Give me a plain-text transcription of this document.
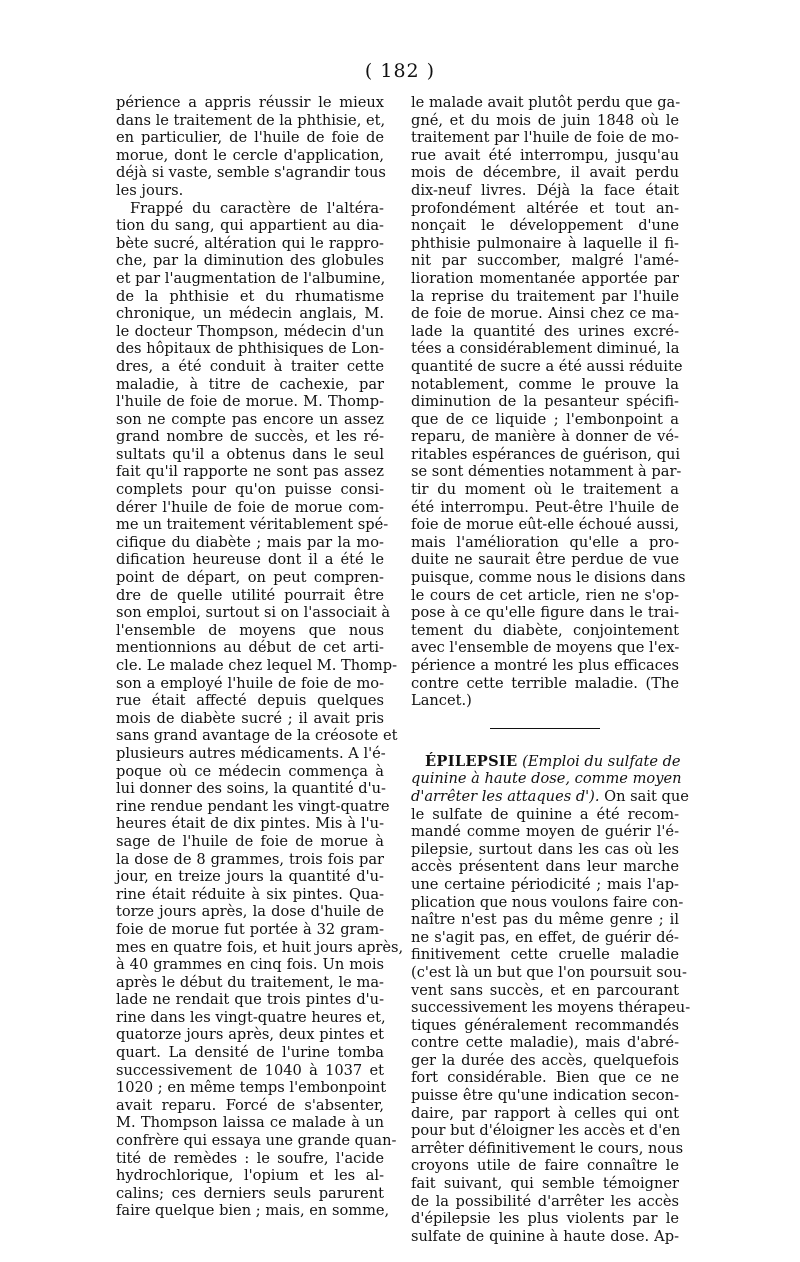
( 182 )
périence a appris réussir le mieux
dans le traitement de la phthisie, et,
en particulier, de l'huile de foie de
morue, dont le cercle d'application,
déjà si vaste, semble s'agrandir tous
les jours.
Frappé du caractère de l'altéra-
tion du sang, qui appartient au dia-
bète sucré, altération qui le rappro-
che, par la diminution des globules
et par l'augmentation de l'albumine,
de la phthisie et du rhumatisme
chronique, un médecin anglais, M.
le docteur Thompson, médecin d'un
des hôpitaux de phthisiques de Lon-
dres, a été conduit à traiter cette
maladie, à titre de cachexie, par
l'huile de foie de morue. M. Thomp-
son ne compte pas encore un assez
grand nombre de succès, et les ré-
sultats qu'il a obtenus dans le seul
fait qu'il rapporte ne sont pas assez
complets pour qu'on puisse consi-
dérer l'huile de foie de morue com-
me un traitement véritablement spé-
cifique du diabète ; mais par la mo-
dification heureuse dont il a été le
point de départ, on peut compren-
dre de quelle utilité pourrait être
son emploi, surtout si on l'associait à
l'ensemble de moyens que nous
mentionnions au début de cet arti-
cle. Le malade chez lequel M. Thomp-
son a employé l'huile de foie de mo-
rue était affecté depuis quelques
mois de diabète sucré ; il avait pris
sans grand avantage de la créosote et
plusieurs autres médicaments. A l'é-
poque où ce médecin commença à
lui donner des soins, la quantité d'u-
rine rendue pendant les vingt-quatre
heures était de dix pintes. Mis à l'u-
sage de l'huile de foie de morue à
la dose de 8 grammes, trois fois par
jour, en treize jours la quantité d'u-
rine était réduite à six pintes. Qua-
torze jours après, la dose d'huile de
foie de morue fut portée à 32 gram-
mes en quatre fois, et huit jours après,
à 40 grammes en cinq fois. Un mois
après le début du traitement, le ma-
lade ne rendait que trois pintes d'u-
rine dans les vingt-quatre heures et,
quatorze jours après, deux pintes et
quart. La densité de l'urine tomba
successivement de 1040 à 1037 et
1020 ; en même temps l'embonpoint
avait reparu. Forcé de s'absenter,
M. Thompson laissa ce malade à un
confrère qui essaya une grande quan-
tité de remèdes : le soufre, l'acide
hydrochlorique, l'opium et les al-
calins; ces derniers seuls parurent
faire quelque bien ; mais, en somme,
le malade avait plutôt perdu que ga-
gné, et du mois de juin 1848 où le
traitement par l'huile de foie de mo-
rue avait été interrompu, jusqu'au
mois de décembre, il avait perdu
dix-neuf livres. Déjà la face était
profondément altérée et tout an-
nonçait le développement d'une
phthisie pulmonaire à laquelle il fi-
nit par succomber, malgré l'amé-
lioration momentanée apportée par
la reprise du traitement par l'huile
de foie de morue. Ainsi chez ce ma-
lade la quantité des urines excré-
tées a considérablement diminué, la
quantité de sucre a été aussi réduite
notablement, comme le prouve la
diminution de la pesanteur spécifi-
que de ce liquide ; l'embonpoint a
reparu, de manière à donner de vé-
ritables espérances de guérison, qui
se sont démenties notamment à par-
tir du moment où le traitement a
été interrompu. Peut-être l'huile de
foie de morue eût-elle échoué aussi,
mais l'amélioration qu'elle a pro-
duite ne saurait être perdue de vue
puisque, comme nous le disions dans
le cours de cet article, rien ne s'op-
pose à ce qu'elle figure dans le trai-
tement du diabète, conjointement
avec l'ensemble de moyens que l'ex-
périence a montré les plus efficaces
contre cette terrible maladie. (The
Lancet.)
ÉPILEPSIE (Emploi du sulfate de
quinine à haute dose, comme moyen
d'arrêter les attaques d'). On sait que
le sulfate de quinine a été recom-
mandé comme moyen de guérir l'é-
pilepsie, surtout dans les cas où les
accès présentent dans leur marche
une certaine périodicité ; mais l'ap-
plication que nous voulons faire con-
naître n'est pas du même genre ; il
ne s'agit pas, en effet, de guérir dé-
finitivement cette cruelle maladie
(c'est là un but que l'on poursuit sou-
vent sans succès, et en parcourant
successivement les moyens thérapeu-
tiques généralement recommandés
contre cette maladie), mais d'abré-
ger la durée des accès, quelquefois
fort considérable. Bien que ce ne
puisse être qu'une indication secon-
daire, par rapport à celles qui ont
pour but d'éloigner les accès et d'en
arrêter définitivement le cours, nous
croyons utile de faire connaître le
fait suivant, qui semble témoigner
de la possibilité d'arrêter les accès
d'épilepsie les plus violents par le
sulfate de quinine à haute dose. Ap-
